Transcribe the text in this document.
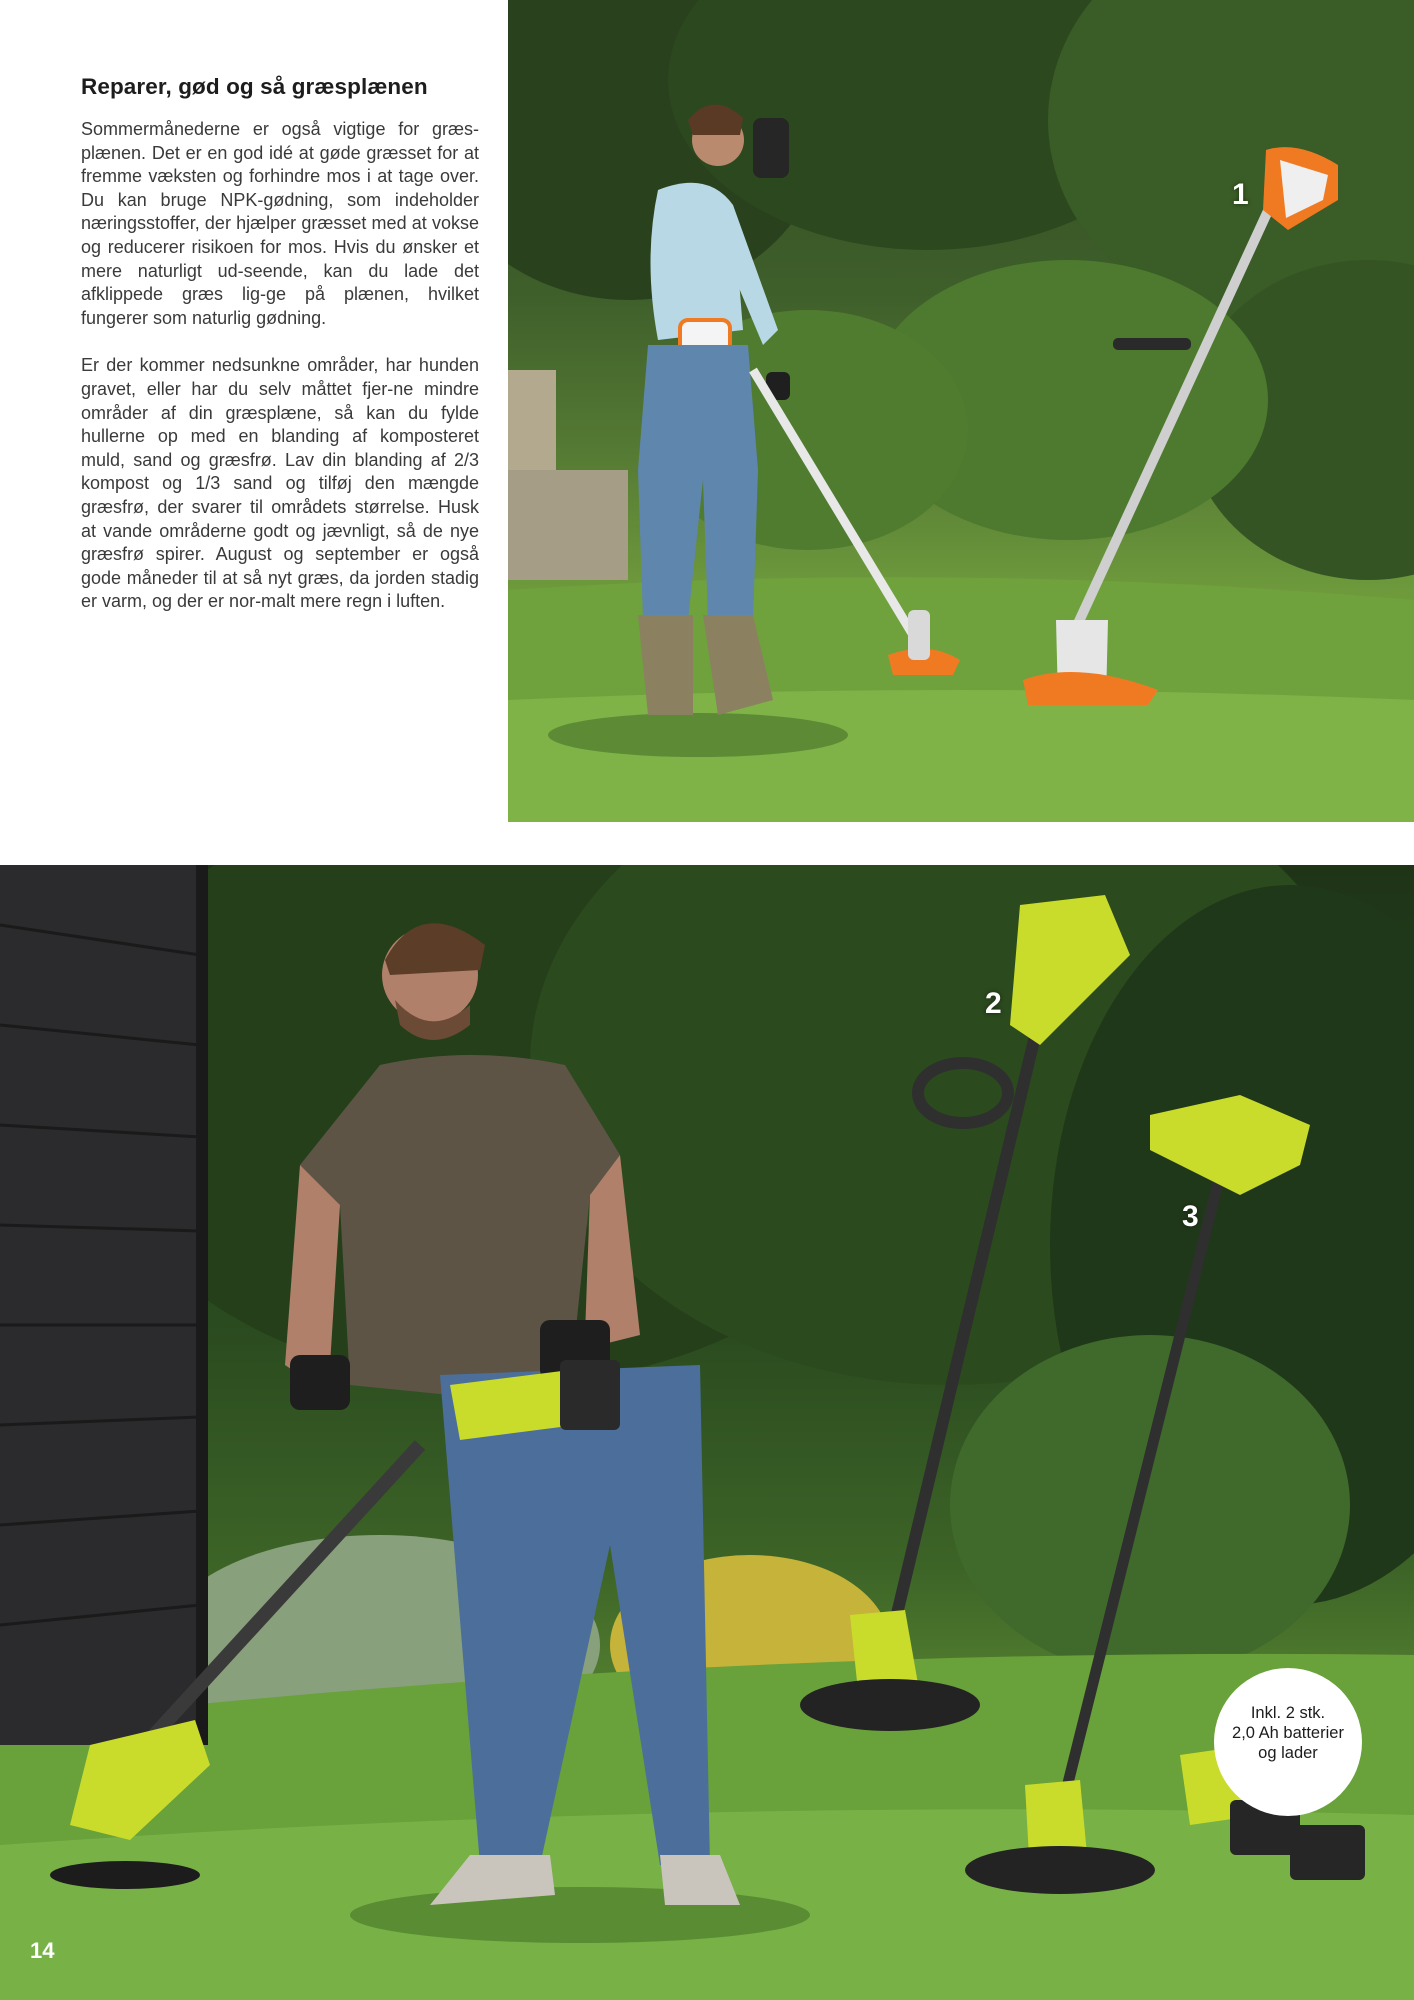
Reparer, gød og så græsplænen

Sommermånederne er også vigtige for græs-plænen. Det er en god idé at gøde græsset for at fremme væksten og forhindre mos i at tage over. Du kan bruge NPK-gødning, som indeholder næringsstoffer, der hjælper græsset med at vokse og reducerer risikoen for mos. Hvis du ønsker et mere naturligt ud-seende, kan du lade det afklippede græs lig-ge på plænen, hvilket fungerer som naturlig gødning.

Er der kommer nedsunkne områder, har hunden gravet, eller har du selv måttet fjer-ne mindre områder af din græsplæne, så kan du fylde hullerne op med en blanding af komposteret muld, sand og græsfrø. Lav din blanding af 2/3 kompost og 1/3 sand og tilføj den mængde græsfrø, der svarer til områdets størrelse. Husk at vande områderne godt og jævnligt, så de nye græsfrø spirer. August og september er også gode måneder til at så nyt græs, da jorden stadig er varm, og der er nor-malt mere regn i luften.

1
2
3
Inkl. 2 stk.
2,0 Ah batterier
og lader
14
